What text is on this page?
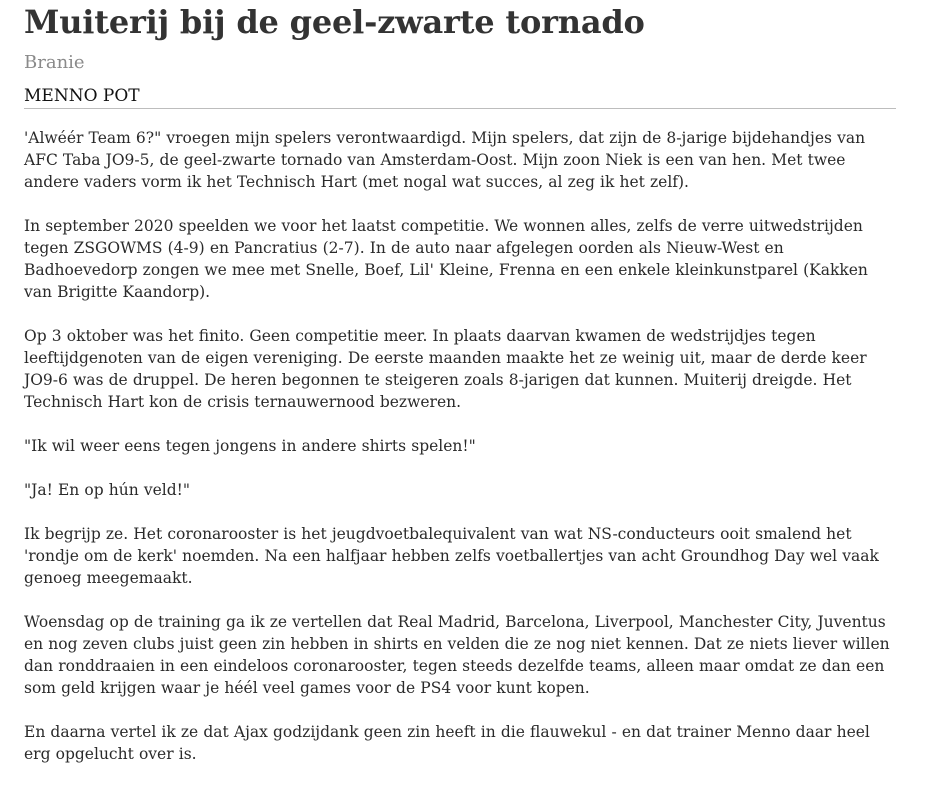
Muiterij bij de geel-zwarte tornado
Branie
MENNO POT

'Alwéér Team 6?" vroegen mijn spelers verontwaardigd. Mijn spelers, dat zijn de 8-jarige bijdehandjes van AFC Taba JO9-5, de geel-zwarte tornado van Amsterdam-Oost. Mijn zoon Niek is een van hen. Met twee andere vaders vorm ik het Technisch Hart (met nogal wat succes, al zeg ik het zelf).

In september 2020 speelden we voor het laatst competitie. We wonnen alles, zelfs de verre uitwedstrijden tegen ZSGOWMS (4-9) en Pancratius (2-7). In de auto naar afgelegen oorden als Nieuw-West en Badhoevedorp zongen we mee met Snelle, Boef, Lil' Kleine, Frenna en een enkele kleinkunstparel (Kakken van Brigitte Kaandorp).

Op 3 oktober was het finito. Geen competitie meer. In plaats daarvan kwamen de wedstrijdjes tegen leeftijdgenoten van de eigen vereniging. De eerste maanden maakte het ze weinig uit, maar de derde keer JO9-6 was de druppel. De heren begonnen te steigeren zoals 8-jarigen dat kunnen. Muiterij dreigde. Het Technisch Hart kon de crisis ternauwernood bezweren.

"Ik wil weer eens tegen jongens in andere shirts spelen!"

"Ja! En op hún veld!"

Ik begrijp ze. Het coronarooster is het jeugdvoetbalequivalent van wat NS-conducteurs ooit smalend het 'rondje om de kerk' noemden. Na een halfjaar hebben zelfs voetballertjes van acht Groundhog Day wel vaak genoeg meegemaakt.

Woensdag op de training ga ik ze vertellen dat Real Madrid, Barcelona, Liverpool, Manchester City, Juventus en nog zeven clubs juist geen zin hebben in shirts en velden die ze nog niet kennen. Dat ze niets liever willen dan ronddraaien in een eindeloos coronarooster, tegen steeds dezelfde teams, alleen maar omdat ze dan een som geld krijgen waar je héél veel games voor de PS4 voor kunt kopen.

En daarna vertel ik ze dat Ajax godzijdank geen zin heeft in die flauwekul - en dat trainer Menno daar heel erg opgelucht over is.
